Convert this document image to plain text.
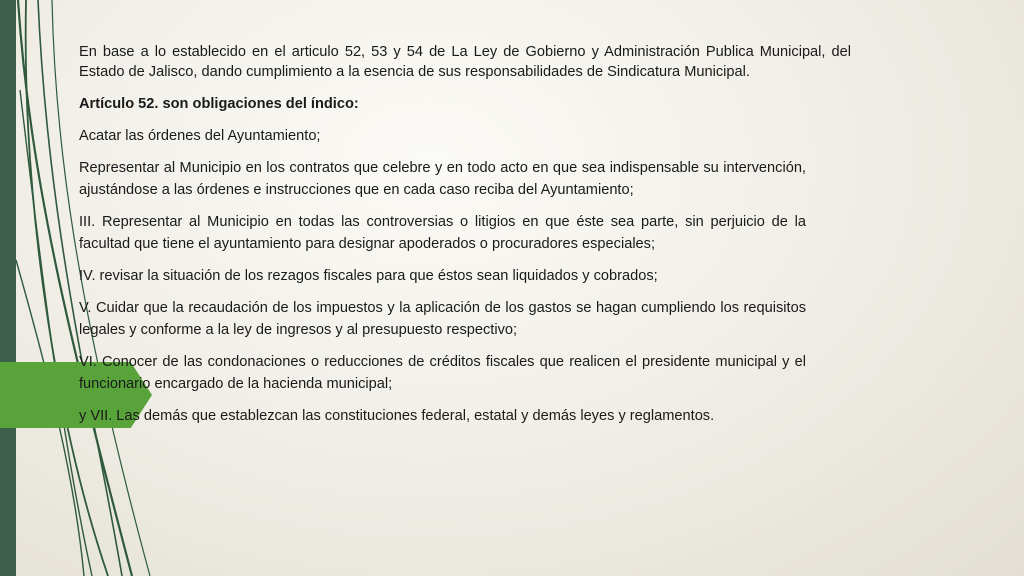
En base a lo establecido en el articulo 52, 53 y 54 de La Ley de Gobierno y Administración Publica Municipal, del Estado de Jalisco, dando cumplimiento a la esencia de sus responsabilidades de Sindicatura Municipal.

Artículo 52. son obligaciones del índico:

Acatar las órdenes del Ayuntamiento;

Representar al Municipio en los contratos que celebre y en todo acto en que sea indispensable su intervención, ajustándose a las órdenes e instrucciones que en cada caso reciba del Ayuntamiento;

III. Representar al Municipio en todas las controversias o litigios en que éste sea parte, sin perjuicio de la facultad que tiene el ayuntamiento para designar apoderados o procuradores especiales;

IV. revisar la situación de los rezagos fiscales para que éstos sean liquidados y cobrados;

V. Cuidar que la recaudación de los impuestos y la aplicación de los gastos se hagan cumpliendo los requisitos legales y conforme a la ley de ingresos y al presupuesto respectivo;

VI. Conocer de las condonaciones o reducciones de créditos fiscales que realicen el presidente municipal y el funcionario encargado de la hacienda municipal;

y VII. Las demás que establezcan las constituciones federal, estatal y demás leyes y reglamentos.
